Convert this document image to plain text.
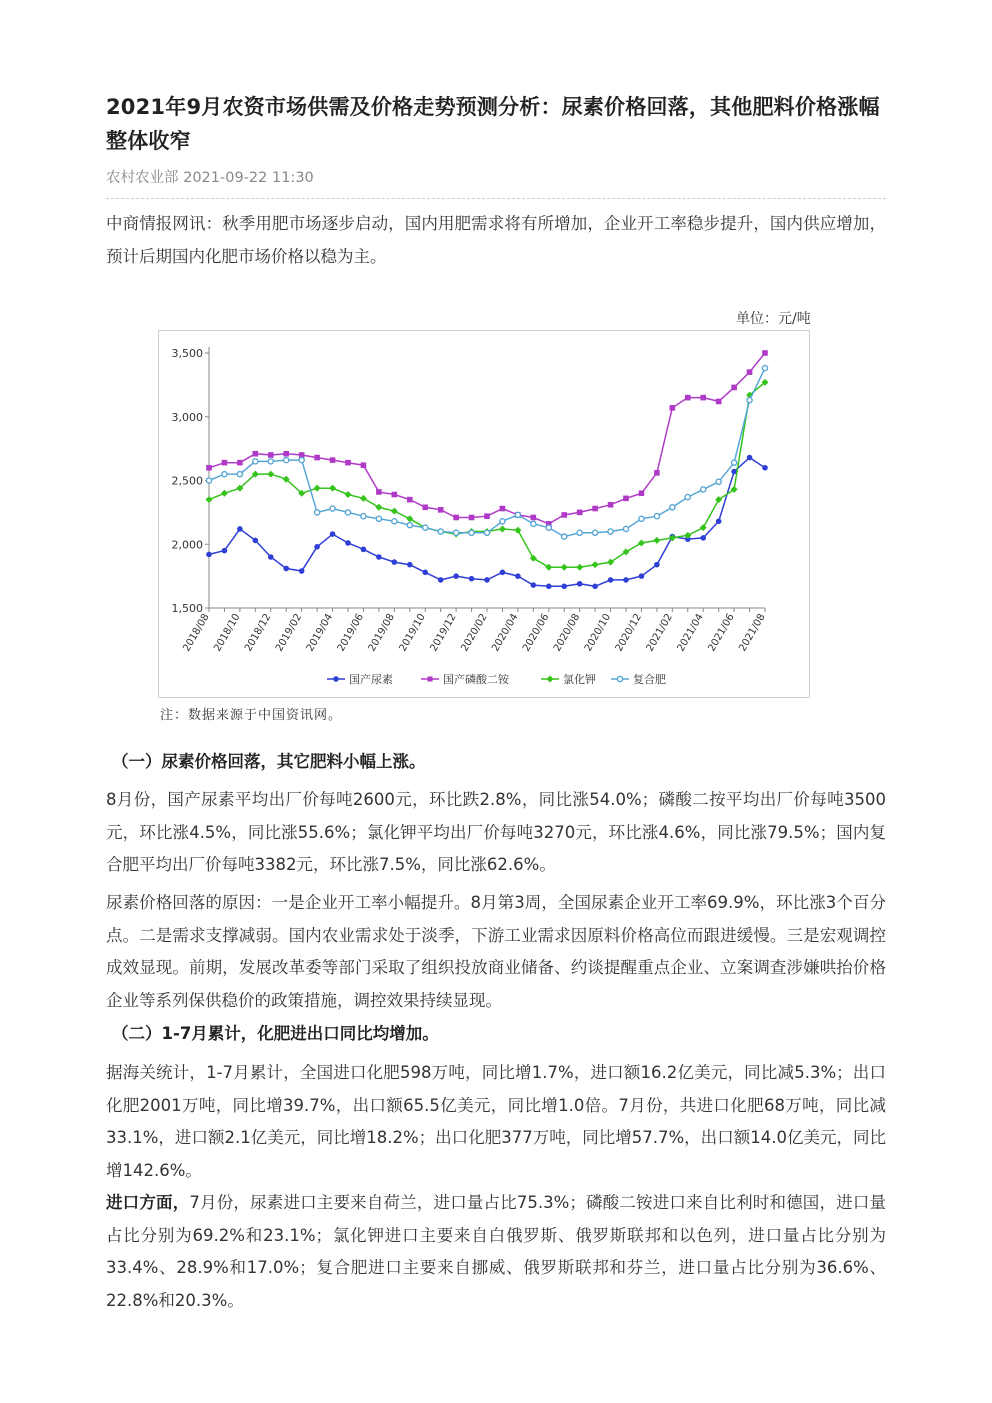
2021年9月农资市场供需及价格走势预测分析：尿素价格回落，其他肥料价格涨幅整体收窄
农村农业部 2021-09-22 11:30

中商情报网讯：秋季用肥市场逐步启动，国内用肥需求将有所增加，企业开工率稳步提升，国内供应增加，预计后期国内化肥市场价格以稳为主。

单位：元/吨
1,500
2,000
2,500
3,000
3,500
2018/08 2018/10 2018/12 2019/02 2019/04 2019/06 2019/08 2019/10 2019/12 2020/02 2020/04 2020/06 2020/08 2020/10 2020/12 2021/02 2021/04 2021/06 2021/08
国产尿素	国产磷酸二铵	氯化钾	复合肥
注：数据来源于中国资讯网。

（一）尿素价格回落，其它肥料小幅上涨。

8月份，国产尿素平均出厂价每吨2600元，环比跌2.8%，同比涨54.0%；磷酸二按平均出厂价每吨3500元，环比涨4.5%，同比涨55.6%；氯化钾平均出厂价每吨3270元，环比涨4.6%，同比涨79.5%；国内复合肥平均出厂价每吨3382元，环比涨7.5%，同比涨62.6%。

尿素价格回落的原因：一是企业开工率小幅提升。8月第3周，全国尿素企业开工率69.9%，环比涨3个百分点。二是需求支撑减弱。国内农业需求处于淡季，下游工业需求因原料价格高位而跟进缓慢。三是宏观调控成效显现。前期，发展改革委等部门采取了组织投放商业储备、约谈提醒重点企业、立案调查涉嫌哄抬价格企业等系列保供稳价的政策措施，调控效果持续显现。

（二）1-7月累计，化肥进出口同比均增加。

据海关统计，1-7月累计，全国进口化肥598万吨，同比增1.7%，进口额16.2亿美元，同比减5.3%；出口化肥2001万吨，同比增39.7%，出口额65.5亿美元，同比增1.0倍。7月份，共进口化肥68万吨，同比减33.1%，进口额2.1亿美元，同比增18.2%；出口化肥377万吨，同比增57.7%，出口额14.0亿美元，同比增142.6%。

进口方面，7月份，尿素进口主要来自荷兰，进口量占比75.3%；磷酸二铵进口来自比利时和德国，进口量占比分别为69.2%和23.1%；氯化钾进口主要来自白俄罗斯、俄罗斯联邦和以色列，进口量占比分别为33.4%、28.9%和17.0%；复合肥进口主要来自挪威、俄罗斯联邦和芬兰，进口量占比分别为36.6%、22.8%和20.3%。
